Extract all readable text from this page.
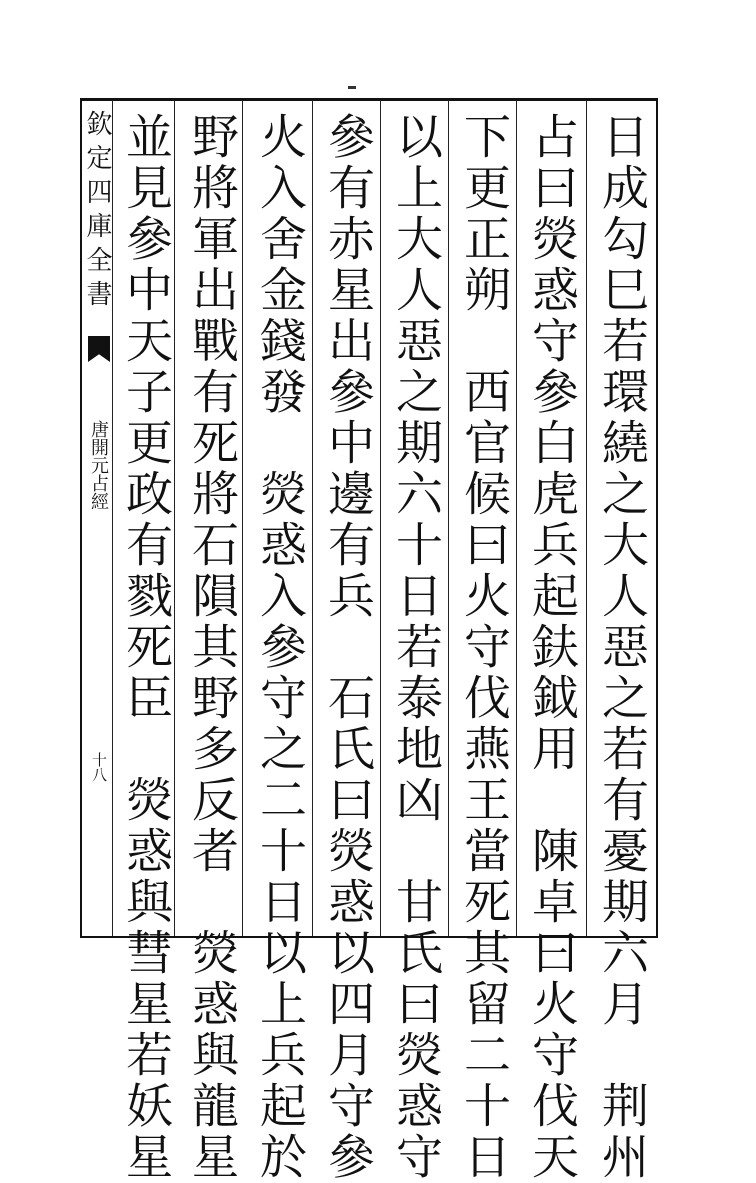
欽定四庫全書
唐開元占經
十八	日成勾巳若環繞之大人惡之若有憂期六月　荆州
占曰熒惑守參白虎兵起鈇鉞用　陳卓曰火守伐天
下更正朔　西官候曰火守伐燕王當死其留二十日
以上大人惡之期六十日若泰地凶　甘氏曰熒惑守
參有赤星出參中邊有兵　石氏曰熒惑以四月守參
火入舍金錢發　熒惑入參守之二十日以上兵起於
野將軍出戰有死將石隕其野多反者　熒惑與龍星
並見參中天子更政有戮死臣　熒惑與彗星若妖星
